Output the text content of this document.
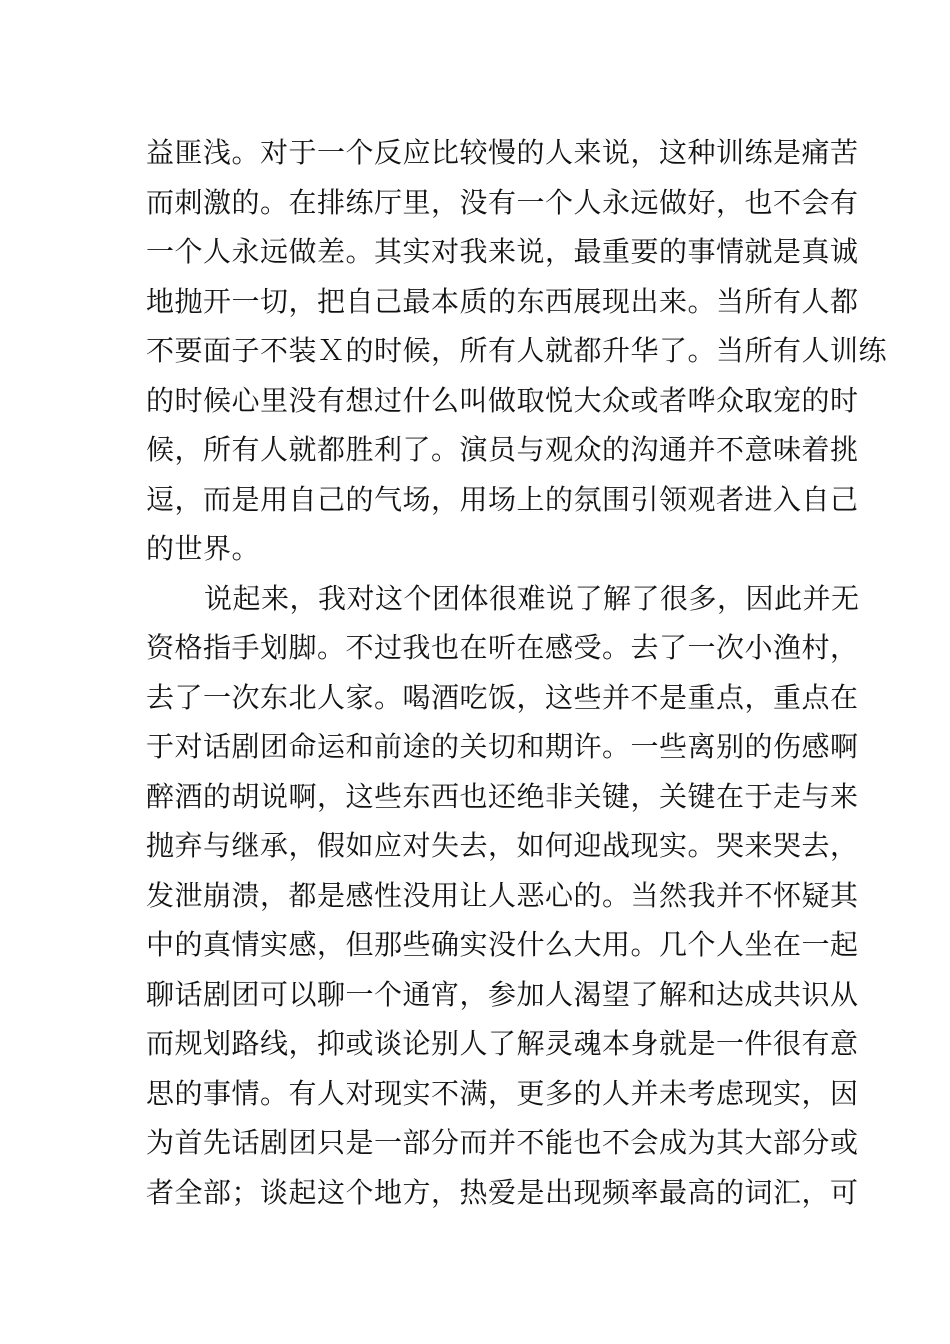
益匪浅。对于一个反应比较慢的人来说，这种训练是痛苦
而刺激的。在排练厅里，没有一个人永远做好，也不会有
一个人永远做差。其实对我来说，最重要的事情就是真诚
地抛开一切，把自己最本质的东西展现出来。当所有人都
不要面子不装Ｘ的时候，所有人就都升华了。当所有人训练
的时候心里没有想过什么叫做取悦大众或者哗众取宠的时
候，所有人就都胜利了。演员与观众的沟通并不意味着挑
逗，而是用自己的气场，用场上的氛围引领观者进入自己
的世界。
说起来，我对这个团体很难说了解了很多，因此并无
资格指手划脚。不过我也在听在感受。去了一次小渔村，
去了一次东北人家。喝酒吃饭，这些并不是重点，重点在
于对话剧团命运和前途的关切和期许。一些离别的伤感啊
醉酒的胡说啊，这些东西也还绝非关键，关键在于走与来
抛弃与继承，假如应对失去，如何迎战现实。哭来哭去，
发泄崩溃，都是感性没用让人恶心的。当然我并不怀疑其
中的真情实感，但那些确实没什么大用。几个人坐在一起
聊话剧团可以聊一个通宵，参加人渴望了解和达成共识从
而规划路线，抑或谈论别人了解灵魂本身就是一件很有意
思的事情。有人对现实不满，更多的人并未考虑现实，因
为首先话剧团只是一部分而并不能也不会成为其大部分或
者全部；谈起这个地方，热爱是出现频率最高的词汇，可
